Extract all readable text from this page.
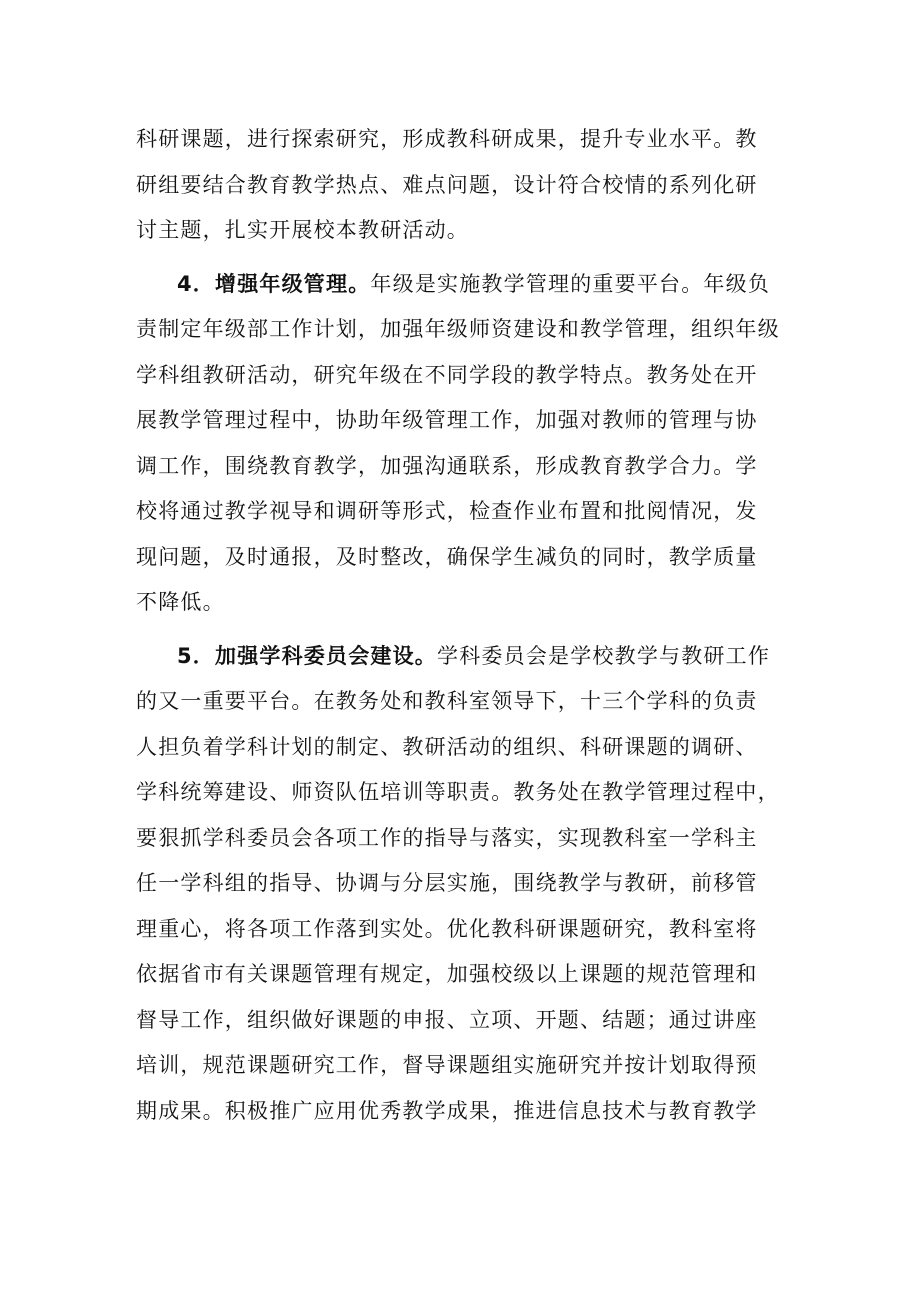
科研课题，进行探索研究，形成教科研成果，提升专业水平。教
研组要结合教育教学热点、难点问题，设计符合校情的系列化研
讨主题，扎实开展校本教研活动。
4．增强年级管理。年级是实施教学管理的重要平台。年级负
责制定年级部工作计划，加强年级师资建设和教学管理，组织年级
学科组教研活动，研究年级在不同学段的教学特点。教务处在开
展教学管理过程中，协助年级管理工作，加强对教师的管理与协
调工作，围绕教育教学，加强沟通联系，形成教育教学合力。学
校将通过教学视导和调研等形式，检查作业布置和批阅情况，发
现问题，及时通报，及时整改，确保学生减负的同时，教学质量
不降低。
5．加强学科委员会建设。学科委员会是学校教学与教研工作
的又一重要平台。在教务处和教科室领导下，十三个学科的负责
人担负着学科计划的制定、教研活动的组织、科研课题的调研、
学科统筹建设、师资队伍培训等职责。教务处在教学管理过程中，
要狠抓学科委员会各项工作的指导与落实，实现教科室一学科主
任一学科组的指导、协调与分层实施，围绕教学与教研，前移管
理重心，将各项工作落到实处。优化教科研课题研究，教科室将
依据省市有关课题管理有规定，加强校级以上课题的规范管理和
督导工作，组织做好课题的申报、立项、开题、结题；通过讲座
培训，规范课题研究工作，督导课题组实施研究并按计划取得预
期成果。积极推广应用优秀教学成果，推进信息技术与教育教学
